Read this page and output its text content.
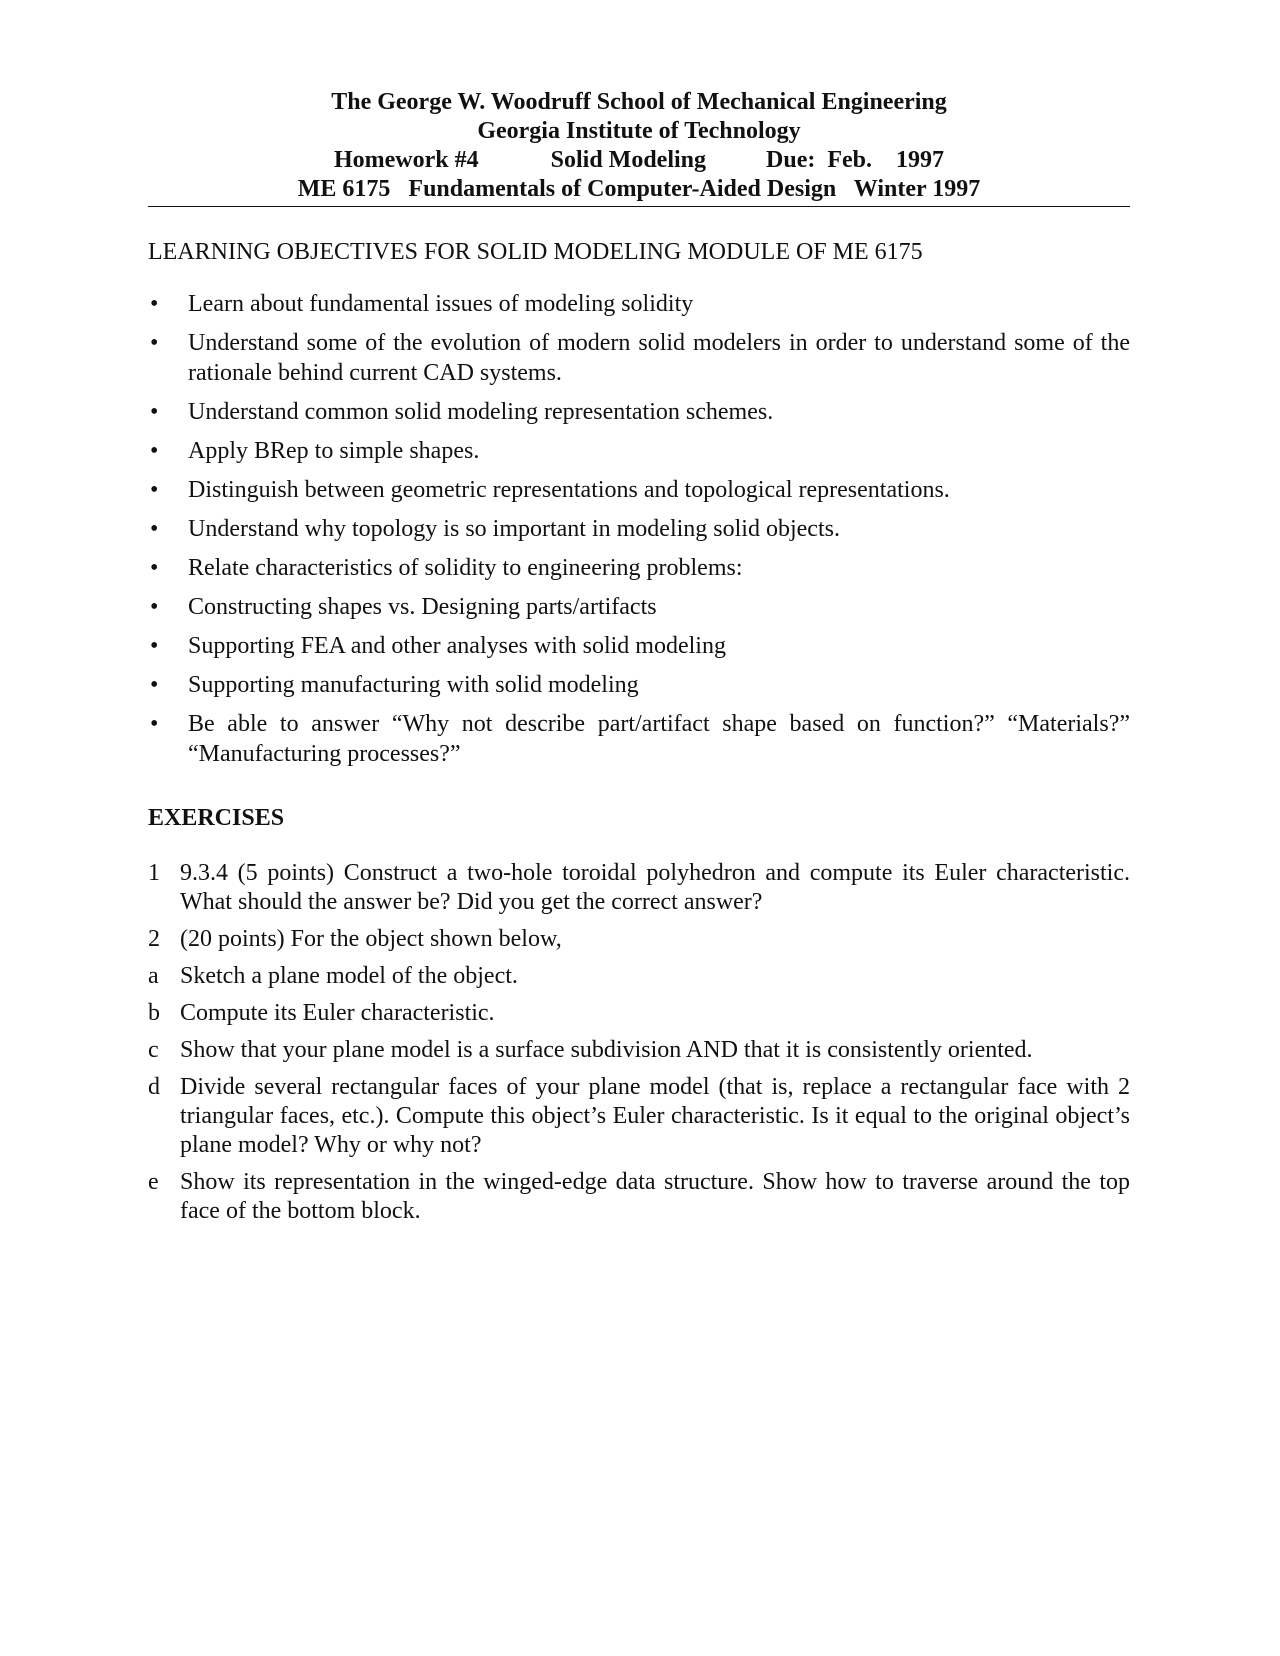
The George W. Woodruff School of Mechanical Engineering
Georgia Institute of Technology
Homework #4	Solid Modeling	Due:  Feb.    1997
ME 6175   Fundamentals of Computer-Aided Design   Winter 1997
LEARNING OBJECTIVES FOR SOLID MODELING MODULE OF ME 6175
• Learn about fundamental issues of modeling solidity
• Understand some of the evolution of modern solid modelers in order to understand some of the rationale behind current CAD systems.
• Understand common solid modeling representation schemes.
• Apply BRep to simple shapes.
• Distinguish between geometric representations and topological representations.
• Understand why topology is so important in modeling solid objects.
• Relate characteristics of solidity to engineering problems:
• Constructing shapes vs. Designing parts/artifacts
• Supporting FEA and other analyses with solid modeling
• Supporting manufacturing with solid modeling
• Be able to answer “Why not describe part/artifact shape based on function?” “Materials?” “Manufacturing processes?”
EXERCISES
1 9.3.4 (5 points) Construct a two-hole toroidal polyhedron and compute its Euler characteristic. What should the answer be? Did you get the correct answer?
2 (20 points) For the object shown below,
a Sketch a plane model of the object.
b Compute its Euler characteristic.
c Show that your plane model is a surface subdivision AND that it is consistently oriented.
d Divide several rectangular faces of your plane model (that is, replace a rectangular face with 2 triangular faces, etc.). Compute this object’s Euler characteristic. Is it equal to the original object’s plane model? Why or why not?
e Show its representation in the winged-edge data structure. Show how to traverse around the top face of the bottom block.
